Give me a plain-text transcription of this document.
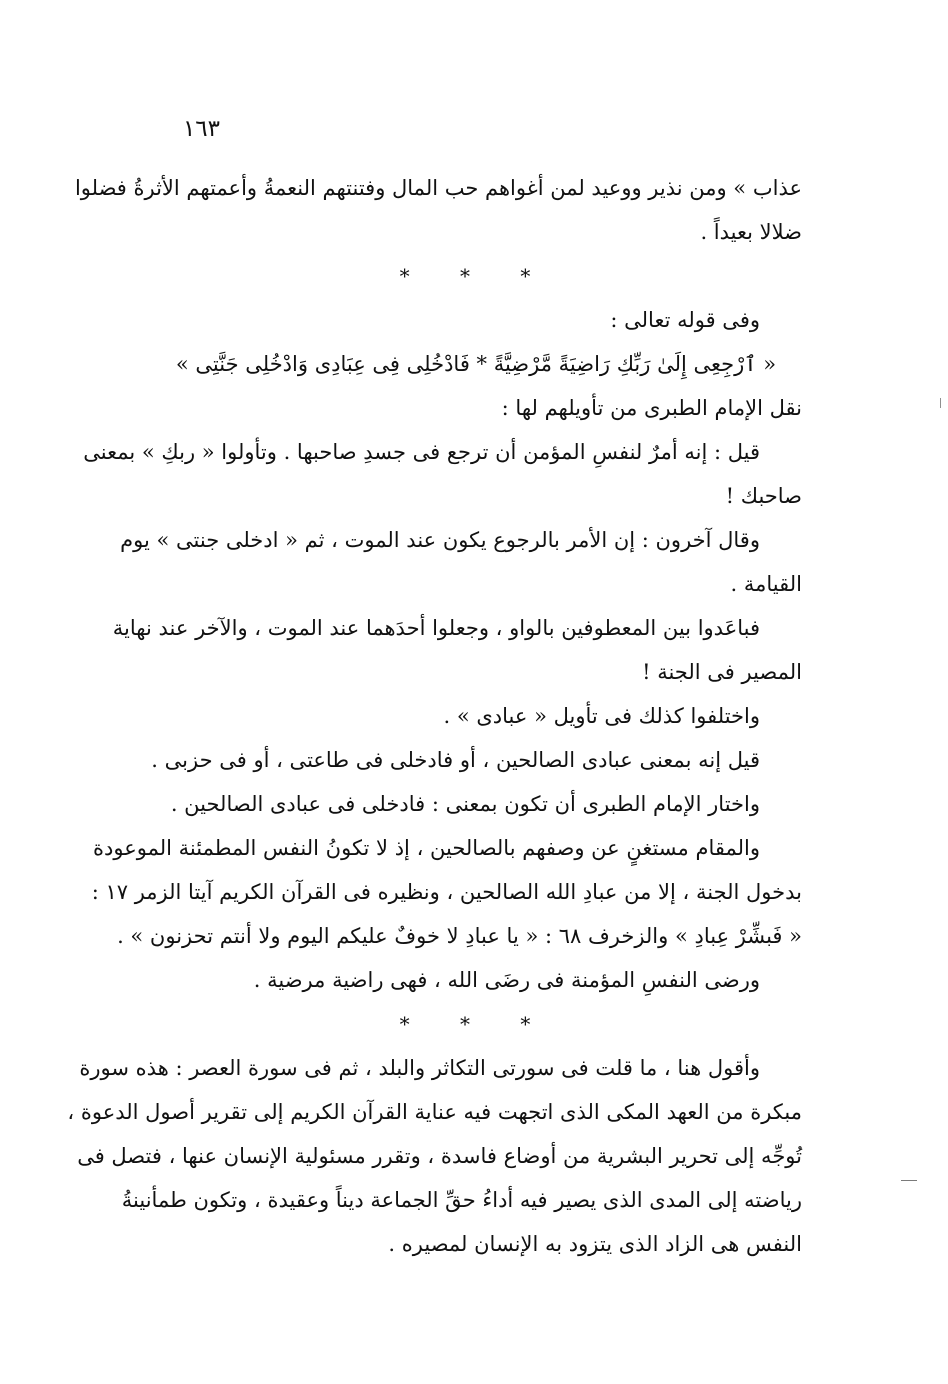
١٦٣
عذاب » ومن نذير ووعيد لمن أغواهم حب المال وفتنتهم النعمةُ وأعمتهم الأثرةُ فضلوا
ضلالا بعيداً .
* * *
وفى قوله تعالى :
« ٱرْجِعِى إِلَىٰ رَبِّكِ رَاضِيَةً مَّرْضِيَّةً * فَادْخُلِى فِى عِبَادِى وَادْخُلِى جَنَّتِى »
نقل الإمام الطبرى من تأويلهم لها :
قيل : إنه أمرٌ لنفسِ المؤمن أن ترجع فى جسدِ صاحبها . وتأولوا « ربكِ » بمعنى
صاحبك !
وقال آخرون : إن الأمر بالرجوع يكون عند الموت ، ثم « ادخلى جنتى » يوم
القيامة .
فباعَدوا بين المعطوفين بالواو ، وجعلوا أحدَهما عند الموت ، والآخر عند نهاية
المصير فى الجنة !
واختلفوا كذلك فى تأويل « عبادى » .
قيل إنه بمعنى عبادى الصالحين ، أو فادخلى فى طاعتى ، أو فى حزبى .
واختار الإمام الطبرى أن تكون بمعنى : فادخلى فى عبادى الصالحين .
والمقام مستغنٍ عن وصفهم بالصالحين ، إذ لا تكونُ النفس المطمئنة الموعودة
بدخول الجنة ، إلا من عبادِ الله الصالحين ، ونظيره فى القرآن الكريم آيتا الزمر ١٧ :
« فَبشِّرْ عِبادِ » والزخرف ٦٨ : « يا عبادِ لا خوفٌ عليكم اليوم ولا أنتم تحزنون » .
ورضى النفسِ المؤمنة فى رضَى الله ، فهى راضية مرضية .
* * *
وأقول هنا ، ما قلت فى سورتى التكاثر والبلد ، ثم فى سورة العصر : هذه سورة
مبكرة من العهد المكى الذى اتجهت فيه عناية القرآن الكريم إلى تقرير أصول الدعوة ،
تُوجِّه إلى تحرير البشرية من أوضاع فاسدة ، وتقرر مسئولية الإنسان عنها ، فتصل فى
رياضته إلى المدى الذى يصير فيه أداءُ حقِّ الجماعة ديناً وعقيدة ، وتكون طمأنينةُ
النفس هى الزاد الذى يتزود به الإنسان لمصيره .
